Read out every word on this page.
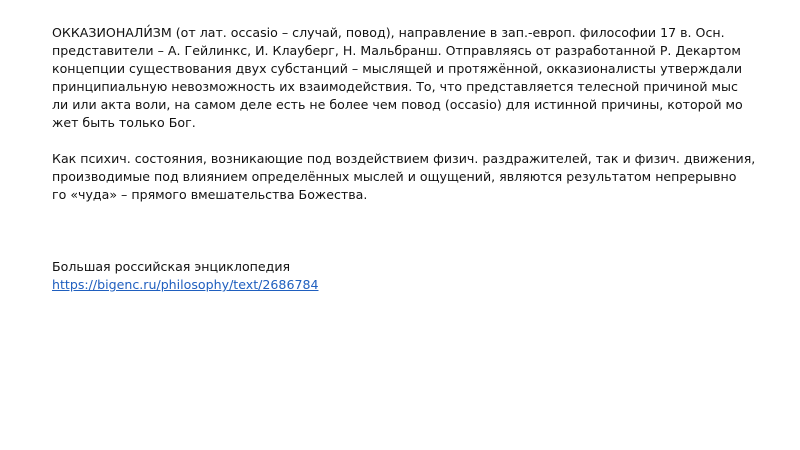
ОККАЗИОНАЛИ́ЗМ (от лат. occasio – случай, повод), направление в зап.-европ. философии 17 в. Осн.
представители – А. Гейлинкс, И. Клауберг, Н. Мальбранш. Отправляясь от разработанной Р. Декартом
концепции существования двух субстанций – мыслящей и протяжённой, окказионалисты утверждали
принципиальную невозможность их взаимодействия. То, что представляется телесной причиной мыс
ли или акта воли, на самом деле есть не более чем повод (occasio) для истинной причины, которой мо
жет быть только Бог.

Как психич. состояния, возникающие под воздействием физич. раздражителей, так и физич. движения,
производимые под влиянием определённых мыслей и ощущений, являются результатом непрерывно
го «чуда» – прямого вмешательства Божества.

Большая российская энциклопедия
https://bigenc.ru/philosophy/text/2686784
